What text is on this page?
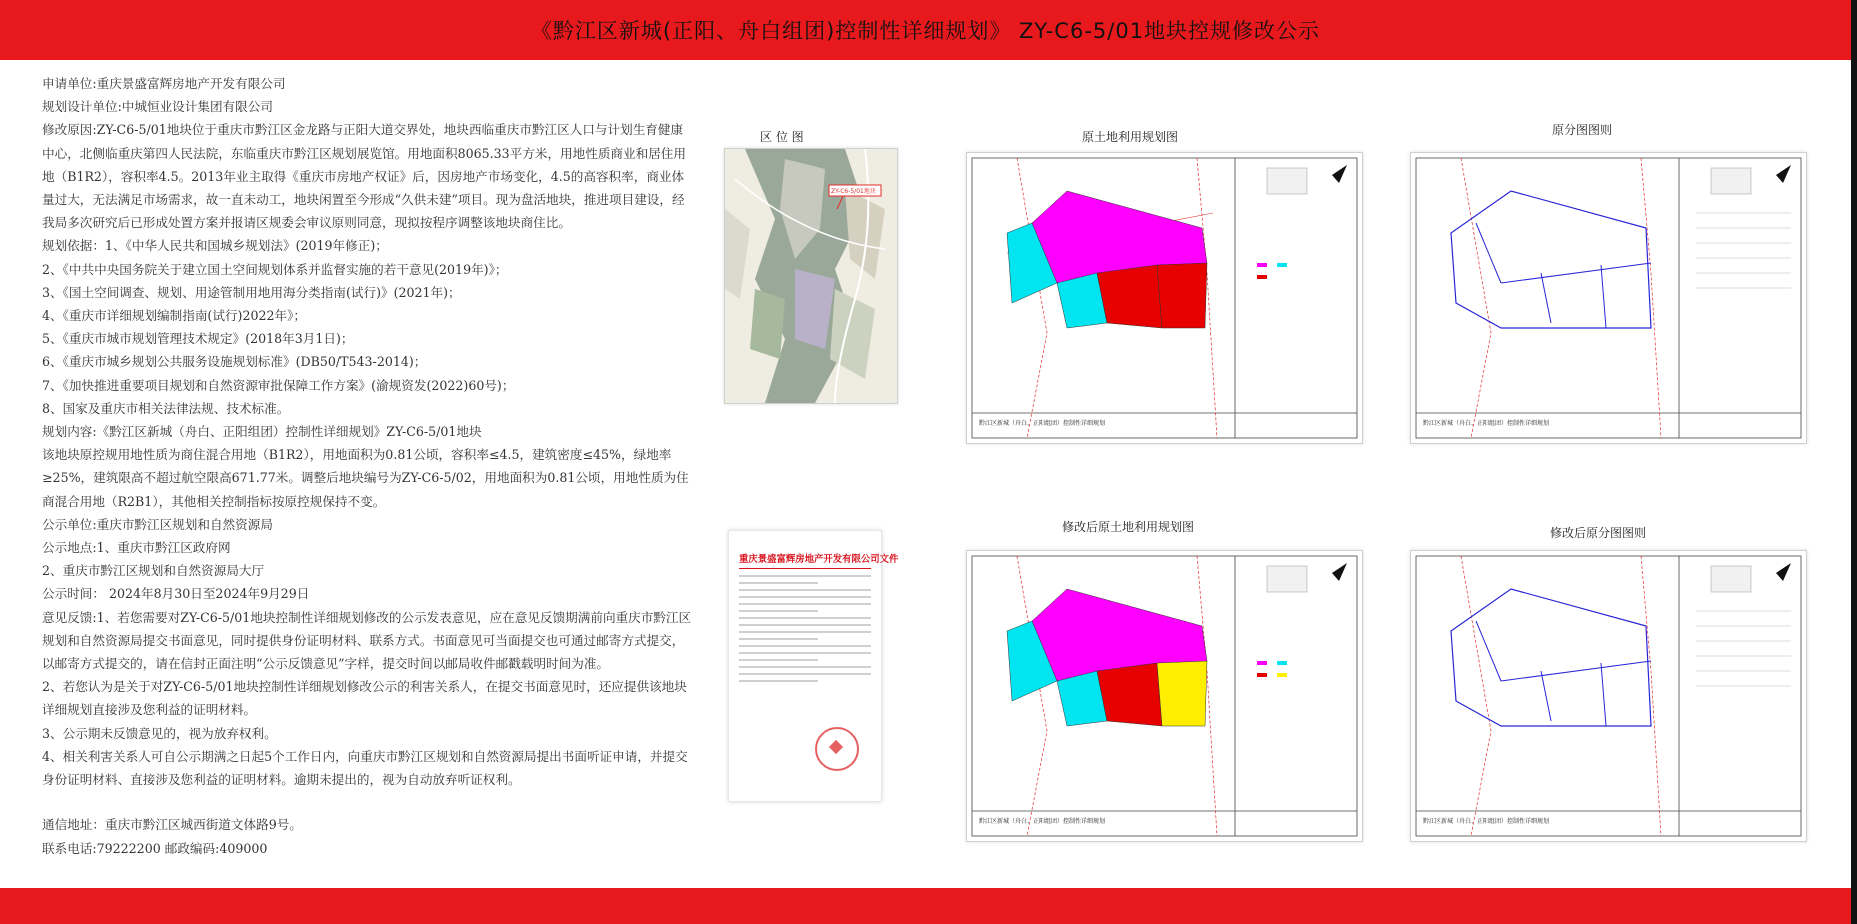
《黔江区新城(正阳、舟白组团)控制性详细规划》 ZY-C6-5/01地块控规修改公示

申请单位:重庆景盛富辉房地产开发有限公司

规划设计单位:中城恒业设计集团有限公司

修改原因:ZY-C6-5/01地块位于重庆市黔江区金龙路与正阳大道交界处，地块西临重庆市黔江区人口与计划生育健康中心，北侧临重庆第四人民法院，东临重庆市黔江区规划展览馆。用地面积8065.33平方米，用地性质商业和居住用地（B1R2），容积率4.5。2013年业主取得《重庆市房地产权证》后，因房地产市场变化，4.5的高容积率，商业体量过大，无法满足市场需求，故一直未动工，地块闲置至今形成“久供未建”项目。现为盘活地块，推进项目建设，经我局多次研究后已形成处置方案并报请区规委会审议原则同意，现拟按程序调整该地块商住比。

规划依据：1、《中华人民共和国城乡规划法》(2019年修正)；

2、《中共中央国务院关于建立国土空间规划体系并监督实施的若干意见(2019年)》；

3、《国土空间调查、规划、用途管制用地用海分类指南(试行)》(2021年)；

4、《重庆市详细规划编制指南(试行)2022年》；

5、《重庆市城市规划管理技术规定》(2018年3月1日)；

6、《重庆市城乡规划公共服务设施规划标准》(DB50/T543-2014)；

7、《加快推进重要项目规划和自然资源审批保障工作方案》(渝规资发(2022)60号)；

8、国家及重庆市相关法律法规、技术标准。

规划内容:《黔江区新城（舟白、正阳组团）控制性详细规划》ZY-C6-5/01地块

该地块原控规用地性质为商住混合用地（B1R2），用地面积为0.81公顷，容积率≤4.5，建筑密度≤45%，绿地率≥25%，建筑限高不超过航空限高671.77米。调整后地块编号为ZY-C6-5/02，用地面积为0.81公顷，用地性质为住商混合用地（R2B1），其他相关控制指标按原控规保持不变。

公示单位:重庆市黔江区规划和自然资源局

公示地点:1、重庆市黔江区政府网

2、重庆市黔江区规划和自然资源局大厅

公示时间： 2024年8月30日至2024年9月29日

意见反馈:1、若您需要对ZY-C6-5/01地块控制性详细规划修改的公示发表意见，应在意见反馈期满前向重庆市黔江区规划和自然资源局提交书面意见，同时提供身份证明材料、联系方式。书面意见可当面提交也可通过邮寄方式提交，以邮寄方式提交的，请在信封正面注明“公示反馈意见”字样，提交时间以邮局收件邮戳载明时间为准。

2、若您认为是关于对ZY-C6-5/01地块控制性详细规划修改公示的利害关系人，在提交书面意见时，还应提供该地块详细规划直接涉及您利益的证明材料。

3、公示期未反馈意见的，视为放弃权利。

4、相关利害关系人可自公示期满之日起5个工作日内，向重庆市黔江区规划和自然资源局提出书面听证申请，并提交身份证明材料、直接涉及您利益的证明材料。逾期未提出的，视为自动放弃听证权利。

通信地址：重庆市黔江区城西街道文体路9号。

联系电话:79222200 邮政编码:409000

区 位 图
ZY-C6-5/01地块
原土地利用规划图
黔江区新城（舟白、正阳组团）控制性详细规划
原分图图则
黔江区新城（舟白、正阳组团）控制性详细规划
重庆景盛富辉房地产开发有限公司文件
修改后原土地利用规划图
黔江区新城（舟白、正阳组团）控制性详细规划
修改后原分图图则
黔江区新城（舟白、正阳组团）控制性详细规划
